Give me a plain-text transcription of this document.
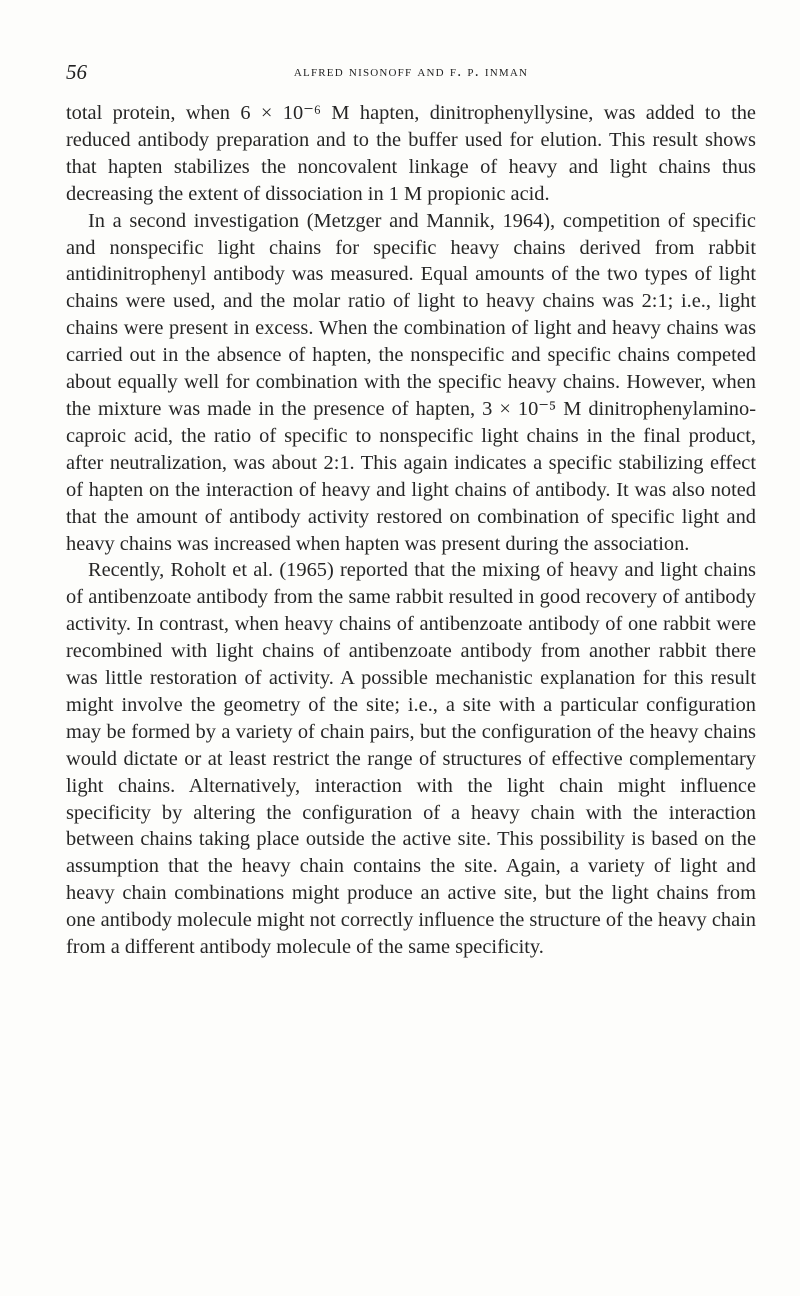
56	alfred nisonoff and f. p. inman

total protein, when 6 × 10⁻⁶ M hapten, dinitrophenyllysine, was added to the reduced antibody preparation and to the buffer used for elution. This result shows that hapten stabilizes the noncovalent linkage of heavy and light chains thus decreasing the extent of dissociation in 1 M propionic acid.

In a second investigation (Metzger and Mannik, 1964), competition of specific and nonspecific light chains for specific heavy chains derived from rabbit antidinitrophenyl antibody was measured. Equal amounts of the two types of light chains were used, and the molar ratio of light to heavy chains was 2:1; i.e., light chains were present in excess. When the combination of light and heavy chains was carried out in the absence of hapten, the nonspecific and specific chains competed about equally well for combination with the specific heavy chains. However, when the mixture was made in the presence of hapten, 3 × 10⁻⁵ M dinitrophenylamino-caproic acid, the ratio of specific to nonspecific light chains in the final product, after neutralization, was about 2:1. This again indicates a specific stabilizing effect of hapten on the interaction of heavy and light chains of antibody. It was also noted that the amount of antibody activity restored on combination of specific light and heavy chains was increased when hapten was present during the association.

Recently, Roholt et al. (1965) reported that the mixing of heavy and light chains of antibenzoate antibody from the same rabbit resulted in good recovery of antibody activity. In contrast, when heavy chains of antibenzoate antibody of one rabbit were recombined with light chains of antibenzoate antibody from another rabbit there was little restoration of activity. A possible mechanistic explanation for this result might involve the geometry of the site; i.e., a site with a particular configuration may be formed by a variety of chain pairs, but the configuration of the heavy chains would dictate or at least restrict the range of structures of effective complementary light chains. Alternatively, interaction with the light chain might influence specificity by altering the configuration of a heavy chain with the interaction between chains taking place outside the active site. This possibility is based on the assumption that the heavy chain contains the site. Again, a variety of light and heavy chain combinations might produce an active site, but the light chains from one antibody molecule might not correctly influence the structure of the heavy chain from a different antibody molecule of the same specificity.
